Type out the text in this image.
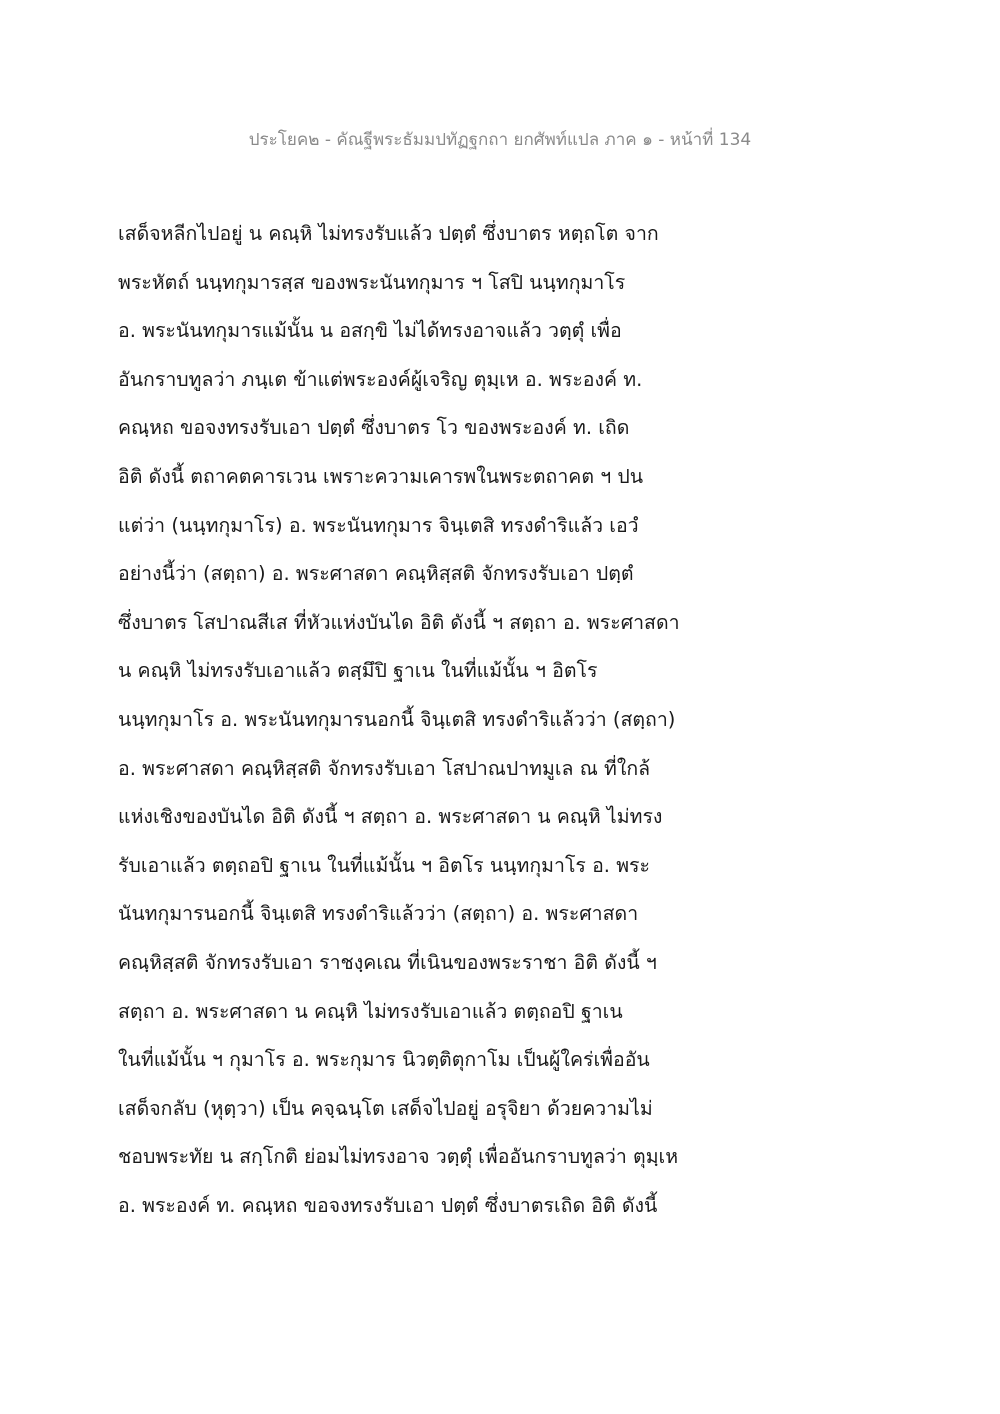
ประโยค๒ - คัณฐีพระธัมมปทัฏฐกถา ยกศัพท์แปล ภาค ๑ - หน้าที่ 134
เสด็จหลีกไปอยู่ น คณฺหิ ไม่ทรงรับแล้ว ปตฺตํ ซึ่งบาตร หตฺถโต จาก
พระหัตถ์ นนฺทกุมารสฺส ของพระนันทกุมาร ฯ โสปิ นนฺทกุมาโร
อ. พระนันทกุมารแม้นั้น น อสกฺขิ ไม่ได้ทรงอาจแล้ว วตฺตุํ เพื่อ
อันกราบทูลว่า ภนฺเต ข้าแต่พระองค์ผู้เจริญ ตุมฺเห อ. พระองค์ ท.
คณฺหถ ขอจงทรงรับเอา ปตฺตํ ซึ่งบาตร โว ของพระองค์ ท. เถิด
อิติ ดังนี้ ตถาคตคารเวน เพราะความเคารพในพระตถาคต ฯ ปน
แต่ว่า (นนฺทกุมาโร) อ. พระนันทกุมาร จินฺเตสิ ทรงดำริแล้ว เอวํ
อย่างนี้ว่า (สตฺถา) อ. พระศาสดา คณฺหิสฺสติ จักทรงรับเอา ปตฺตํ
ซึ่งบาตร โสปาณสีเส ที่หัวแห่งบันได อิติ ดังนี้ ฯ สตฺถา อ. พระศาสดา
น คณฺหิ ไม่ทรงรับเอาแล้ว ตสฺมึปิ ฐาเน ในที่แม้นั้น ฯ อิตโร
นนฺทกุมาโร อ. พระนันทกุมารนอกนี้ จินฺเตสิ ทรงดำริแล้วว่า (สตฺถา)
อ. พระศาสดา คณฺหิสฺสติ จักทรงรับเอา โสปาณปาทมูเล ณ ที่ใกล้
แห่งเชิงของบันได อิติ ดังนี้ ฯ สตฺถา อ. พระศาสดา น คณฺหิ ไม่ทรง
รับเอาแล้ว ตตฺถอปิ ฐาเน ในที่แม้นั้น ฯ อิตโร นนฺทกุมาโร อ. พระ
นันทกุมารนอกนี้ จินฺเตสิ ทรงดำริแล้วว่า (สตฺถา) อ. พระศาสดา
คณฺหิสฺสติ จักทรงรับเอา ราชงฺคเณ ที่เนินของพระราชา อิติ ดังนี้ ฯ
สตฺถา อ. พระศาสดา น คณฺหิ ไม่ทรงรับเอาแล้ว ตตฺถอปิ ฐาเน
ในที่แม้นั้น ฯ กุมาโร อ. พระกุมาร นิวตฺติตุกาโม เป็นผู้ใคร่เพื่ออัน
เสด็จกลับ (หุตฺวา) เป็น คจฺฉนฺโต เสด็จไปอยู่ อรุจิยา ด้วยความไม่
ชอบพระทัย น สกฺโกติ ย่อมไม่ทรงอาจ วตฺตุํ เพื่ออันกราบทูลว่า ตุมฺเห
อ. พระองค์ ท. คณฺหถ ขอจงทรงรับเอา ปตฺตํ ซึ่งบาตรเถิด อิติ ดังนี้
